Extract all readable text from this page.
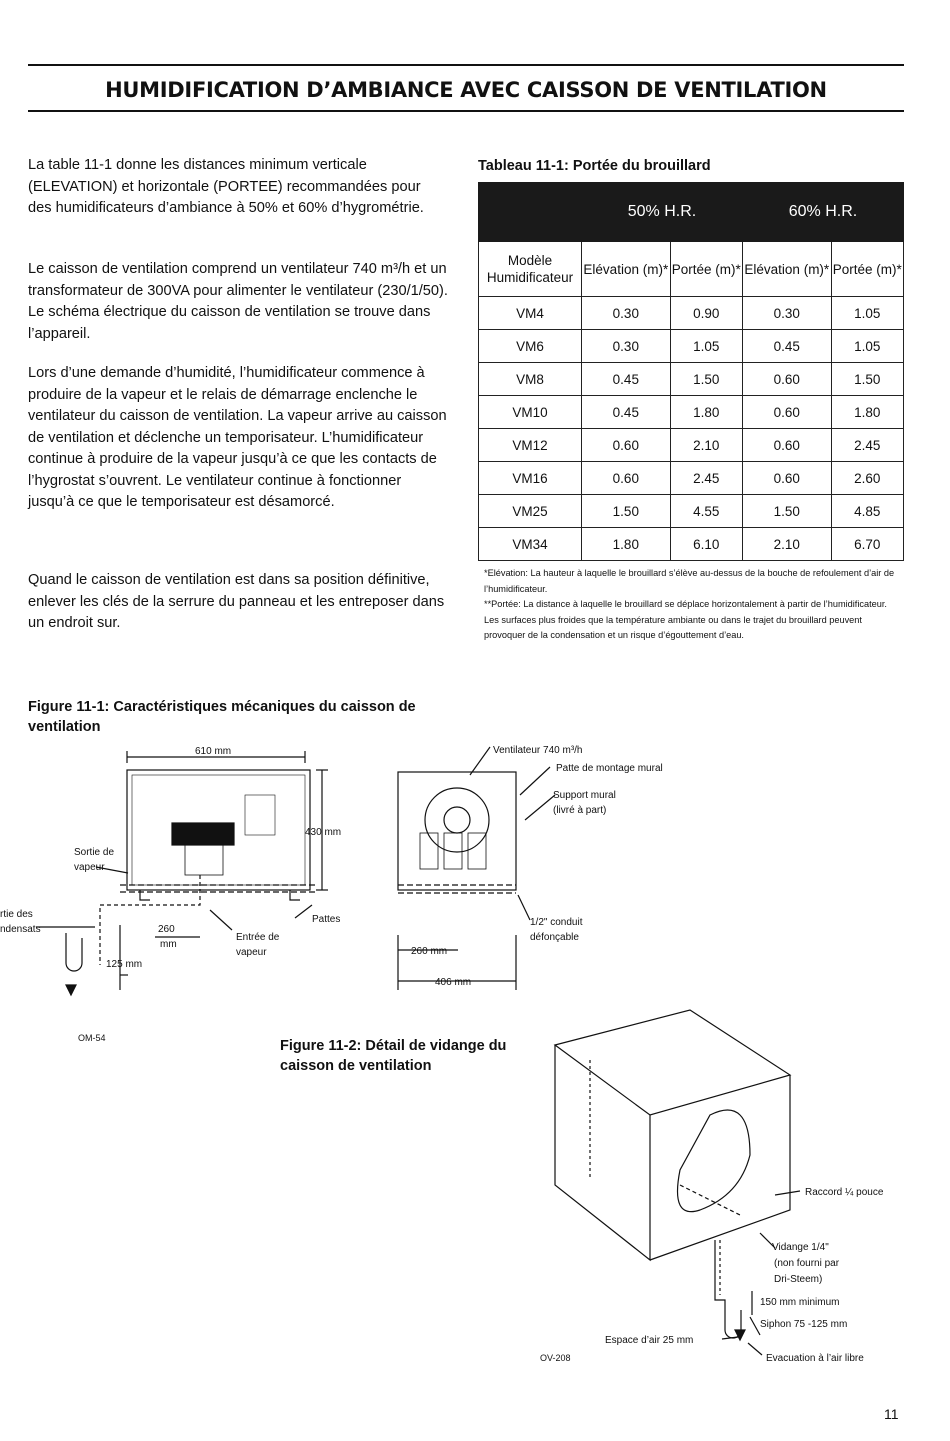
HUMIDIFICATION D’AMBIANCE AVEC CAISSON DE VENTILATION

La table 11-1 donne les distances minimum verticale (ELEVATION) et horizontale (PORTEE) recommandées pour des humidificateurs d’ambiance à 50% et 60% d’hygrométrie.

Le caisson de ventilation comprend un ventilateur 740 m³/h et un transformateur de 300VA pour alimenter le ventilateur (230/1/50). Le schéma électrique du caisson de ventilation se trouve dans l’appareil.

Lors d’une demande d’humidité, l’humidificateur commence à produire de la vapeur et le relais de démarrage enclenche le ventilateur du caisson de ventilation. La vapeur arrive au caisson de ventilation et déclenche un temporisateur. L’humidificateur continue à produire de la vapeur jusqu’à ce que les contacts de l’hygrostat s’ouvrent. Le ventilateur continue à fonctionner jusqu’à ce que le temporisateur est désamorcé.

Quand le caisson de ventilation est dans sa position définitive, enlever les clés de la serrure du panneau et les entreposer dans un endroit sur.

Tableau 11-1: Portée du brouillard

	50% H.R.		60% H.R.	
Modèle Humidificateur	Elévation (m)*	Portée (m)*	Elévation (m)*	Portée (m)*
VM4	0.30	0.90	0.30	1.05
VM6	0.30	1.05	0.45	1.05
VM8	0.45	1.50	0.60	1.50
VM10	0.45	1.80	0.60	1.80
VM12	0.60	2.10	0.60	2.45
VM16	0.60	2.45	0.60	2.60
VM25	1.50	4.55	1.50	4.85
VM34	1.80	6.10	2.10	6.70

*Elévation: La hauteur à laquelle le brouillard s’élève au-dessus de la bouche de refoulement d’air de l’humidificateur.

**Portée: La distance à laquelle le brouillard se déplace horizontalement à partir de l’humidificateur.

Les surfaces plus froides que la température ambiante ou dans le trajet du brouillard peuvent provoquer de la condensation et un risque d’égouttement d’eau.

Figure 11-1: Caractéristiques mécaniques du caisson de ventilation

610 mm
430 mm
Sortie de
vapeur
rtie des
ndensats	260
mm
125 mm
Entrée de
vapeur
Pattes
Ventilateur 740 m³/h
Patte de montage mural
Support mural
(livré à part)
1/2" conduit
défonçable
260 mm
406 mm
OM-54	Figure 11-2: Détail de vidange du caisson de ventilation

Raccord ¼ pouce
Vidange 1/4"
(non fourni par
Dri-Steem)
150 mm minimum
Siphon 75 -125 mm
Espace d’air 25 mm
Evacuation à l’air libre
OV-208
11
